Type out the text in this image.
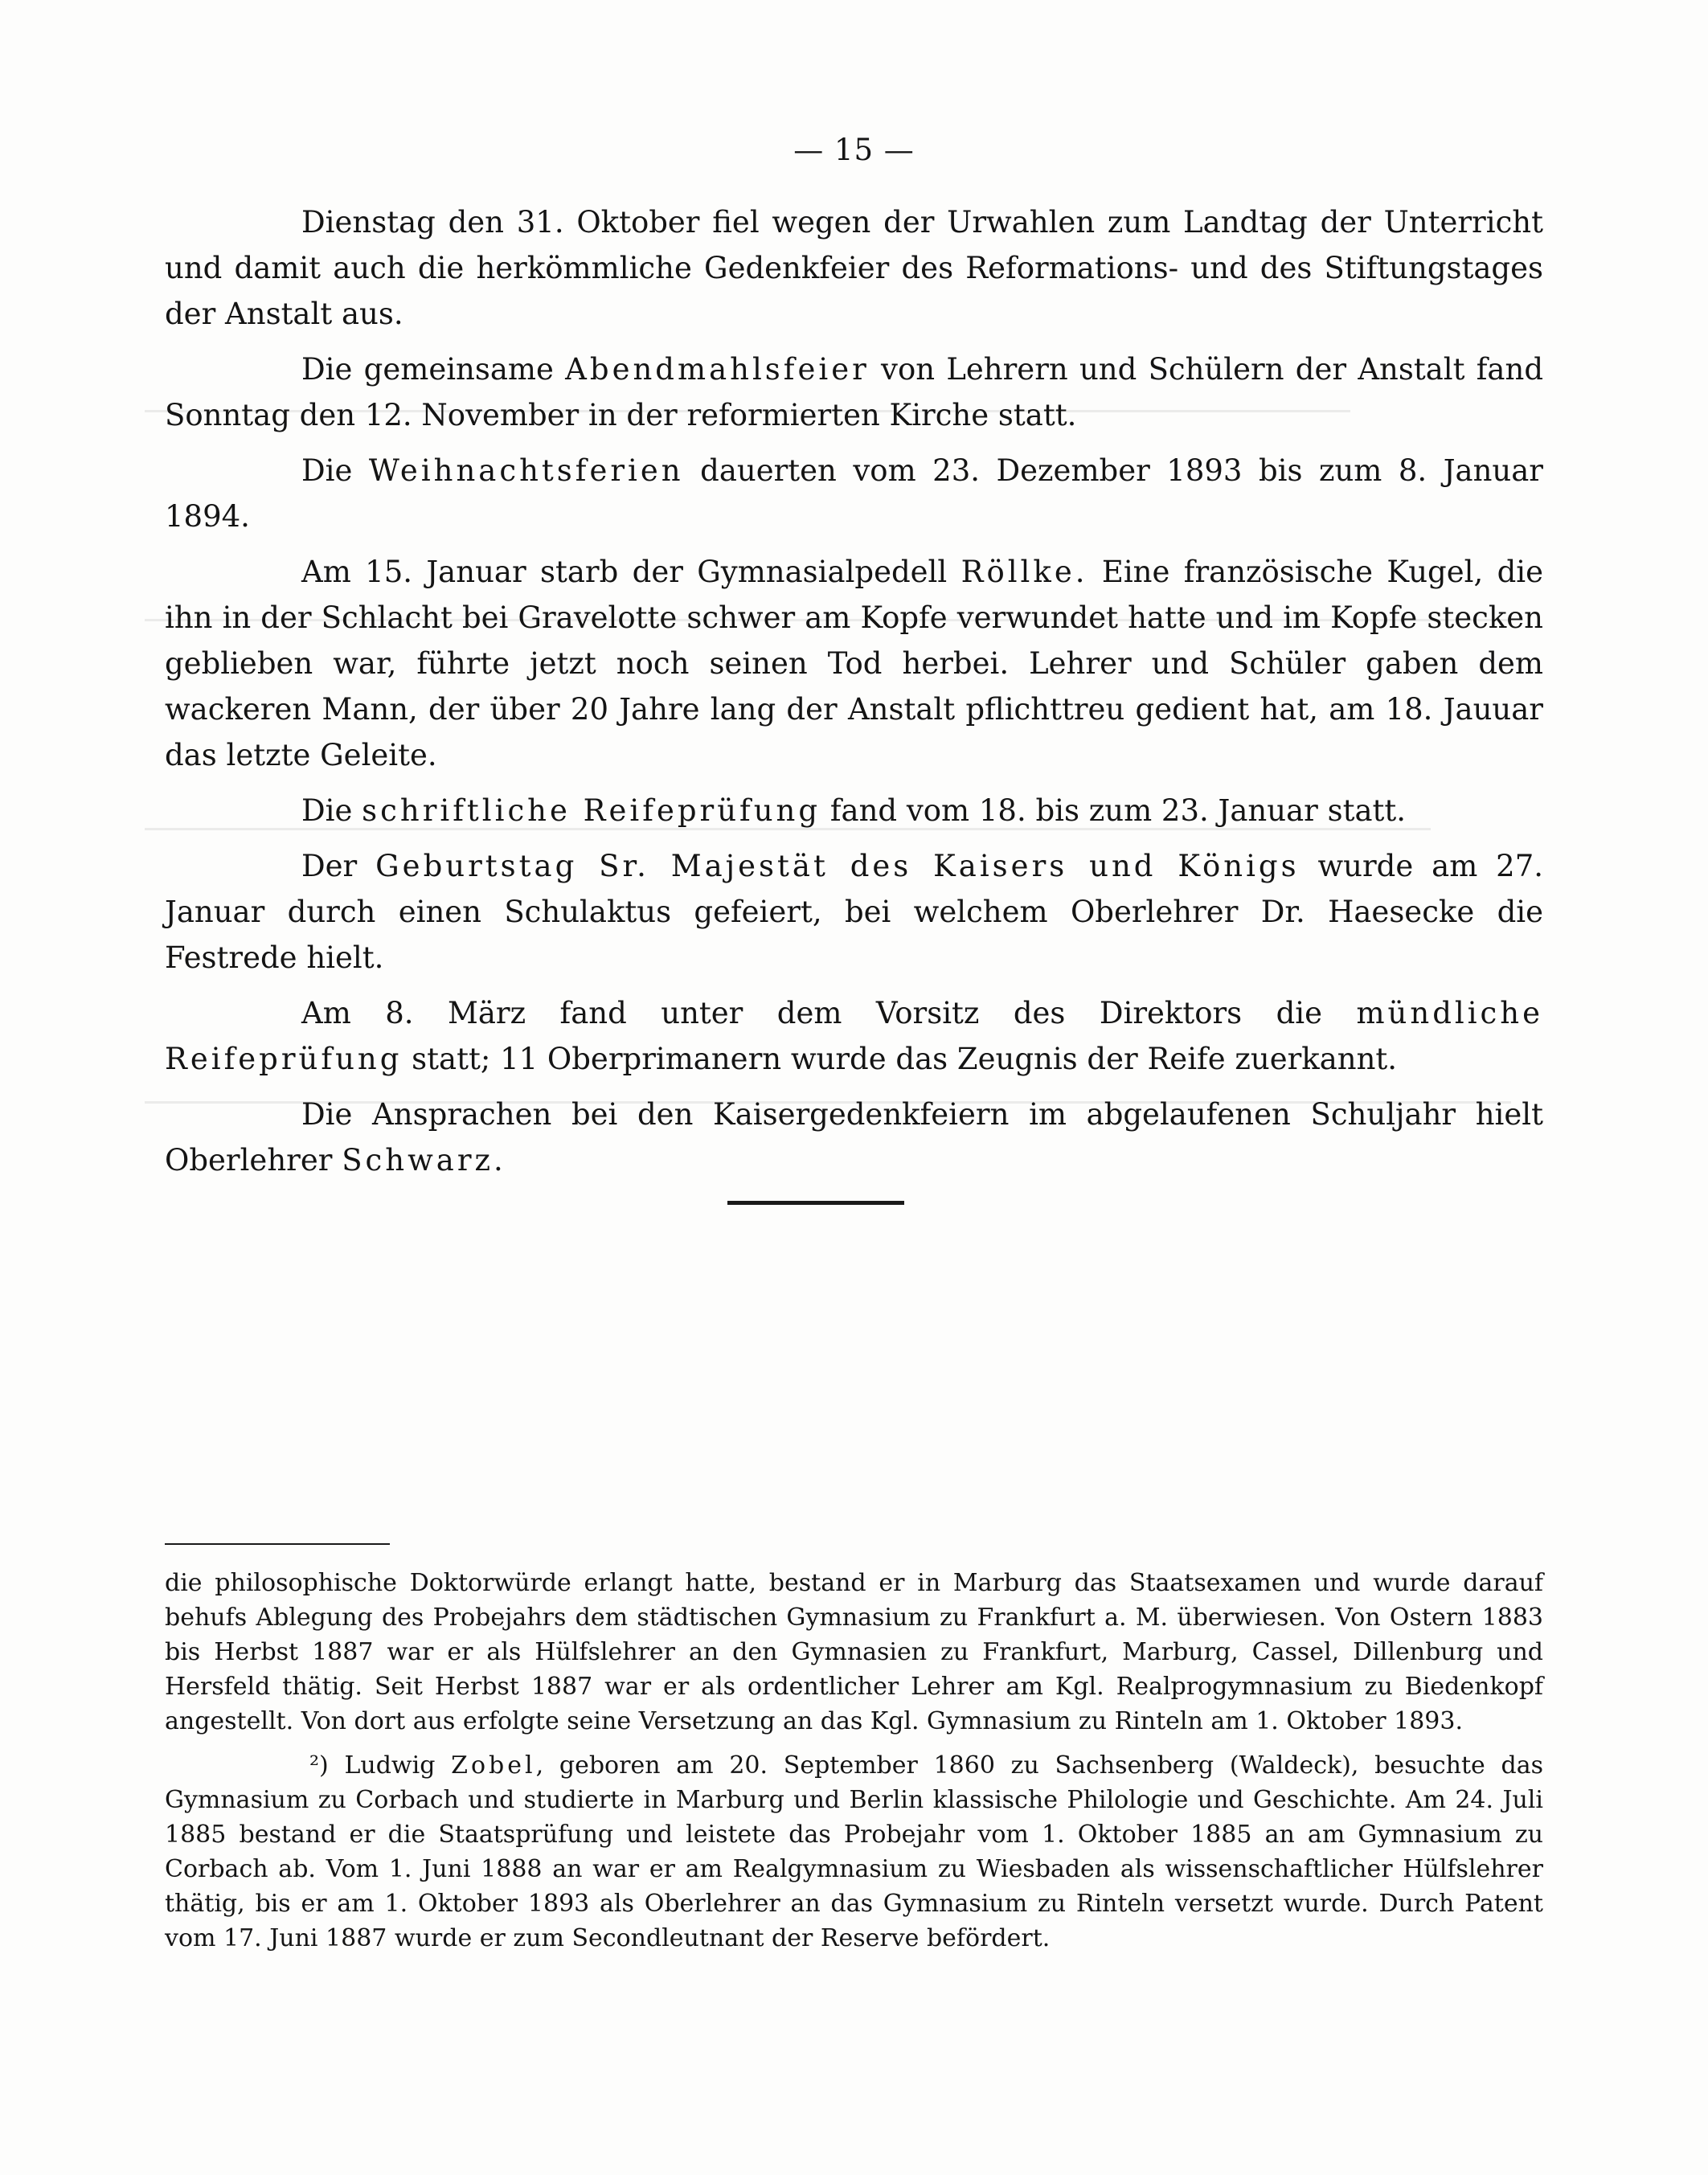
— 15 —

Dienstag den 31. Oktober fiel wegen der Urwahlen zum Landtag der Unterricht und damit auch die herkömmliche Gedenkfeier des Reformations- und des Stiftungstages der Anstalt aus.

Die gemeinsame Abendmahlsfeier von Lehrern und Schülern der Anstalt fand Sonntag den 12. November in der reformierten Kirche statt.

Die Weihnachtsferien dauerten vom 23. Dezember 1893 bis zum 8. Januar 1894.

Am 15. Januar starb der Gymnasialpedell Röllke. Eine französische Kugel, die ihn in der Schlacht bei Gravelotte schwer am Kopfe verwundet hatte und im Kopfe stecken geblieben war, führte jetzt noch seinen Tod herbei. Lehrer und Schüler gaben dem wackeren Mann, der über 20 Jahre lang der Anstalt pflichttreu gedient hat, am 18. Jauuar das letzte Geleite.

Die schriftliche Reifeprüfung fand vom 18. bis zum 23. Januar statt.

Der Geburtstag Sr. Majestät des Kaisers und Königs wurde am 27. Januar durch einen Schulaktus gefeiert, bei welchem Oberlehrer Dr. Haesecke die Festrede hielt.

Am 8. März fand unter dem Vorsitz des Direktors die mündliche Reifeprüfung statt; 11 Oberprimanern wurde das Zeugnis der Reife zuerkannt.

Die Ansprachen bei den Kaisergedenkfeiern im abgelaufenen Schuljahr hielt Oberlehrer Schwarz.

die philosophische Doktorwürde erlangt hatte, bestand er in Marburg das Staatsexamen und wurde darauf behufs Ablegung des Probejahrs dem städtischen Gymnasium zu Frankfurt a. M. überwiesen. Von Ostern 1883 bis Herbst 1887 war er als Hülfslehrer an den Gymnasien zu Frankfurt, Marburg, Cassel, Dillenburg und Hersfeld thätig. Seit Herbst 1887 war er als ordentlicher Lehrer am Kgl. Realprogymnasium zu Biedenkopf angestellt. Von dort aus erfolgte seine Versetzung an das Kgl. Gymnasium zu Rinteln am 1. Oktober 1893.

²) Ludwig Zobel, geboren am 20. September 1860 zu Sachsenberg (Waldeck), besuchte das Gymnasium zu Corbach und studierte in Marburg und Berlin klassische Philologie und Geschichte. Am 24. Juli 1885 bestand er die Staatsprüfung und leistete das Probejahr vom 1. Oktober 1885 an am Gymnasium zu Corbach ab. Vom 1. Juni 1888 an war er am Realgymnasium zu Wiesbaden als wissenschaftlicher Hülfslehrer thätig, bis er am 1. Oktober 1893 als Oberlehrer an das Gymnasium zu Rinteln versetzt wurde. Durch Patent vom 17. Juni 1887 wurde er zum Secondleutnant der Reserve befördert.
